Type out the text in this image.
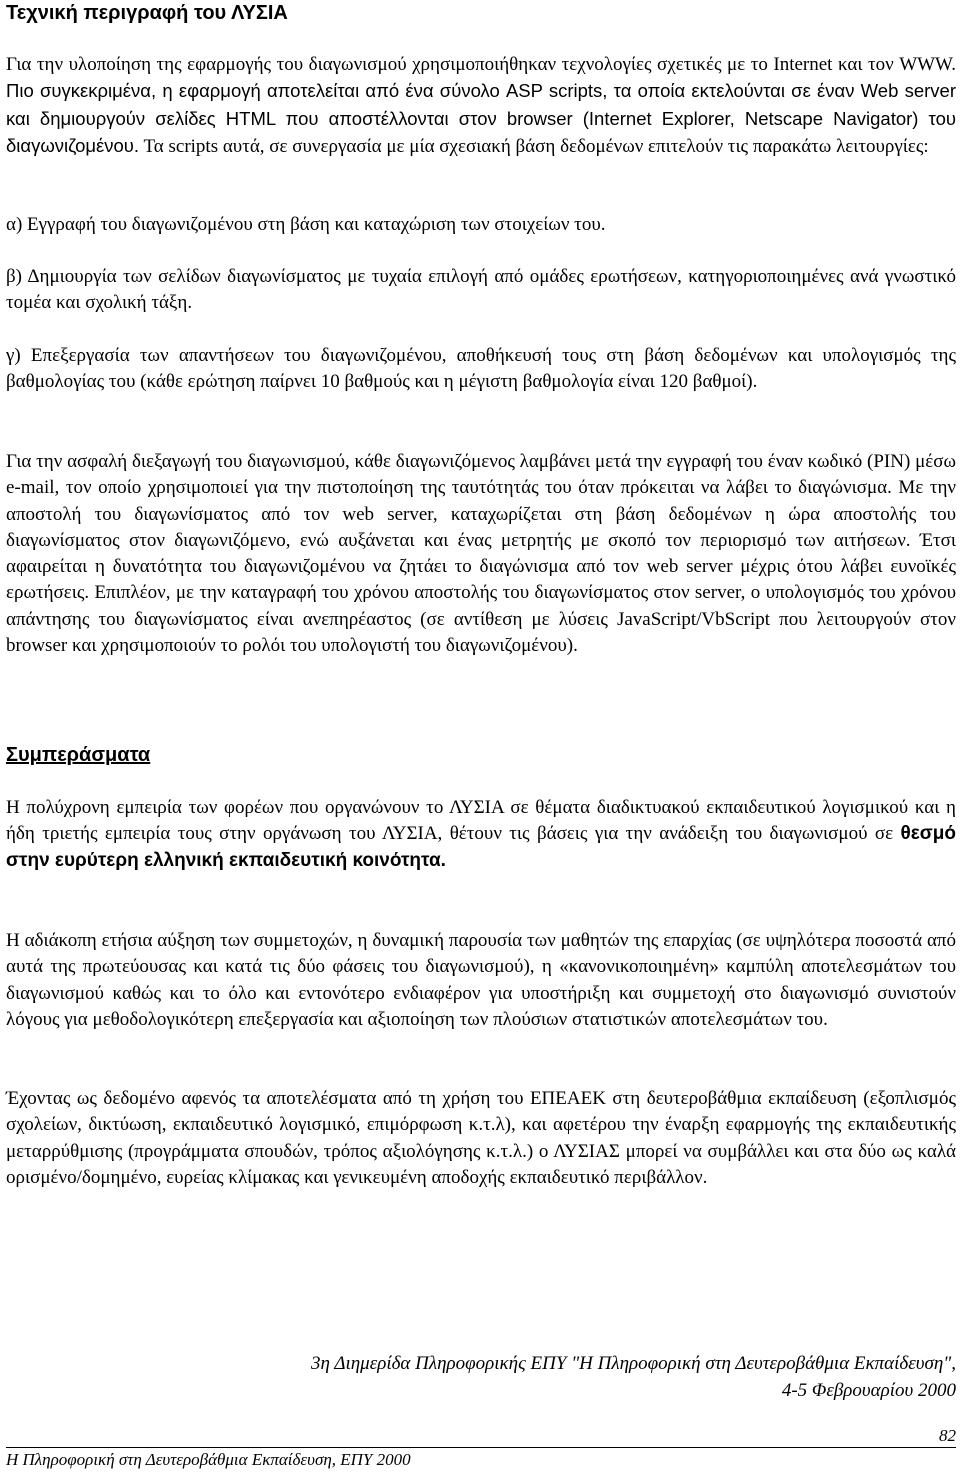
Τεχνική περιγραφή του ΛΥΣΙΑ

Για την υλοποίηση της εφαρμογής του διαγωνισμού χρησιμοποιήθηκαν τεχνολογίες σχετικές με το Internet και τον WWW. Πιο συγκεκριμένα, η εφαρμογή αποτελείται από ένα σύνολο ASP scripts, τα οποία εκτελούνται σε έναν Web server και δημιουργούν σελίδες HTML που αποστέλλονται στον browser (Internet Explorer, Netscape Navigator) του διαγωνιζομένου. Τα scripts αυτά, σε συνεργασία με μία σχεσιακή βάση δεδομένων επιτελούν τις παρακάτω λειτουργίες:

α) Εγγραφή του διαγωνιζομένου στη βάση και καταχώριση των στοιχείων του.

β) Δημιουργία των σελίδων διαγωνίσματος με τυχαία επιλογή από ομάδες ερωτήσεων, κατηγοριοποιημένες ανά γνωστικό τομέα και σχολική τάξη.

γ) Επεξεργασία των απαντήσεων του διαγωνιζομένου, αποθήκευσή τους στη βάση δεδομένων και υπολογισμός της βαθμολογίας του (κάθε ερώτηση παίρνει 10 βαθμούς και η μέγιστη βαθμολογία είναι 120 βαθμοί).

Για την ασφαλή διεξαγωγή του διαγωνισμού, κάθε διαγωνιζόμενος λαμβάνει μετά την εγγραφή του έναν κωδικό (PIN) μέσω e-mail, τον οποίο χρησιμοποιεί για την πιστοποίηση της ταυτότητάς του όταν πρόκειται να λάβει το διαγώνισμα. Με την αποστολή του διαγωνίσματος από τον web server, καταχωρίζεται στη βάση δεδομένων η ώρα αποστολής του διαγωνίσματος στον διαγωνιζόμενο, ενώ αυξάνεται και ένας μετρητής με σκοπό τον περιορισμό των αιτήσεων. Έτσι αφαιρείται η δυνατότητα του διαγωνιζομένου να ζητάει το διαγώνισμα από τον web server μέχρις ότου λάβει ευνοϊκές ερωτήσεις. Επιπλέον, με την καταγραφή του χρόνου αποστολής του διαγωνίσματος στον server, ο υπολογισμός του χρόνου απάντησης του διαγωνίσματος είναι ανεπηρέαστος (σε αντίθεση με λύσεις JavaScript/VbScript που λειτουργούν στον browser και χρησιμοποιούν το ρολόι του υπολογιστή του διαγωνιζομένου).

Συμπεράσματα

Η πολύχρονη εμπειρία των φορέων που οργανώνουν το ΛΥΣΙΑ σε θέματα διαδικτυακού εκπαιδευτικού λογισμικού και η ήδη τριετής εμπειρία τους στην οργάνωση του ΛΥΣΙΑ, θέτουν τις βάσεις για την ανάδειξη του διαγωνισμού σε θεσμό στην ευρύτερη ελληνική εκπαιδευτική κοινότητα.

Η αδιάκοπη ετήσια αύξηση των συμμετοχών, η δυναμική παρουσία των μαθητών της επαρχίας (σε υψηλότερα ποσοστά από αυτά της πρωτεύουσας και κατά τις δύο φάσεις του διαγωνισμού), η «κανονικοποιημένη» καμπύλη αποτελεσμάτων του διαγωνισμού καθώς και το όλο και εντονότερο ενδιαφέρον για υποστήριξη και συμμετοχή στο διαγωνισμό συνιστούν λόγους για μεθοδολογικότερη επεξεργασία και αξιοποίηση των πλούσιων στατιστικών αποτελεσμάτων του.

Έχοντας ως δεδομένο αφενός τα αποτελέσματα από τη χρήση του ΕΠΕΑΕΚ στη δευτεροβάθμια εκπαίδευση (εξοπλισμός σχολείων, δικτύωση, εκπαιδευτικό λογισμικό, επιμόρφωση κ.τ.λ), και αφετέρου την έναρξη εφαρμογής της εκπαιδευτικής μεταρρύθμισης (προγράμματα σπουδών, τρόπος αξιολόγησης κ.τ.λ.) ο ΛΥΣΙΑΣ μπορεί να συμβάλλει και στα δύο ως καλά ορισμένο/δομημένο, ευρείας κλίμακας και γενικευμένη αποδοχής εκπαιδευτικό περιβάλλον.

3η Διημερίδα Πληροφορικής ΕΠΥ "Η Πληροφορική στη Δευτεροβάθμια Εκπαίδευση",
4-5 Φεβρουαρίου 2000
82
Η Πληροφορική στη Δευτεροβάθμια Εκπαίδευση, ΕΠΥ 2000
